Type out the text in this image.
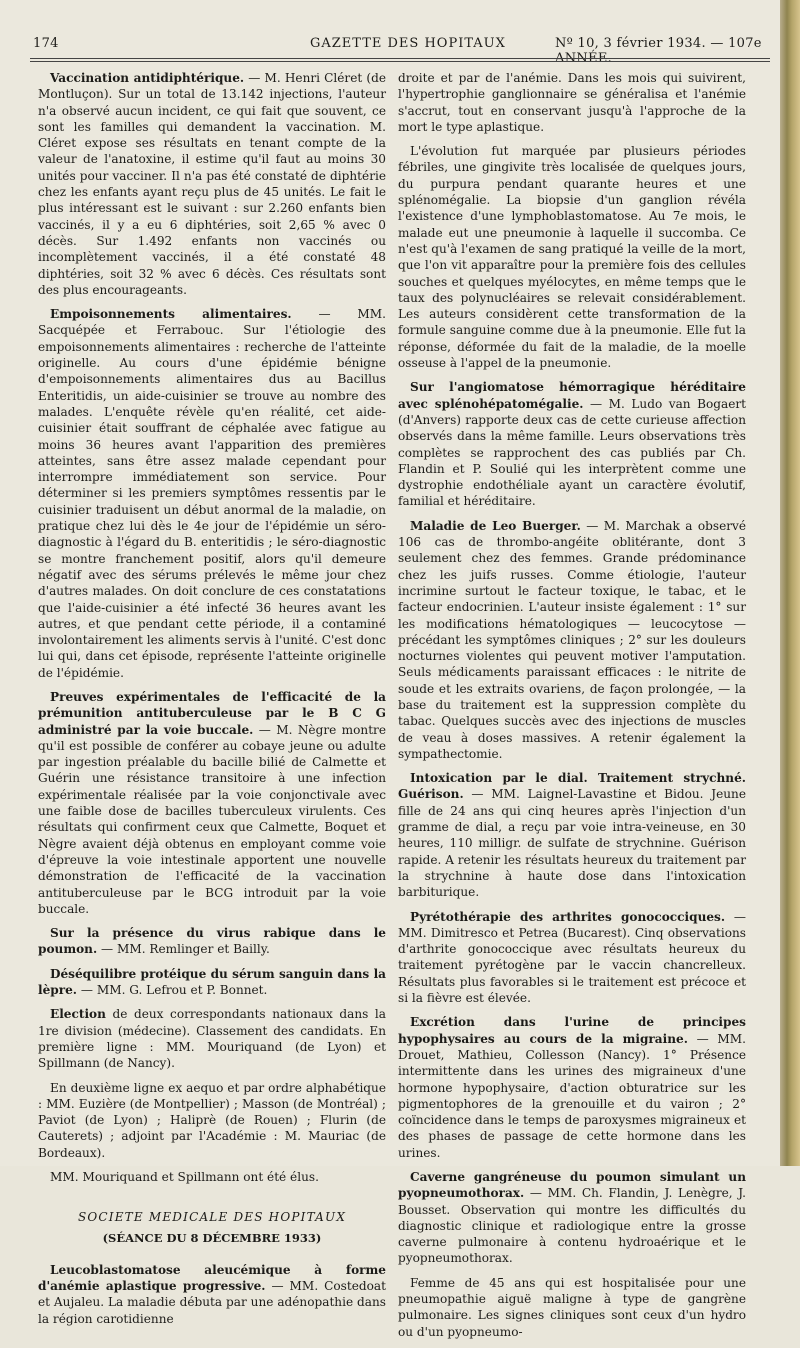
174	GAZETTE DES HOPITAUX	Nº 10, 3 février 1934. — 107e ANNÉE.

Vaccination antidiphtérique. — M. Henri Cléret (de Montluçon). Sur un total de 13.142 injections, l'auteur n'a observé aucun incident, ce qui fait que souvent, ce sont les familles qui demandent la vaccination. M. Cléret expose ses résultats en tenant compte de la valeur de l'anatoxine, il estime qu'il faut au moins 30 unités pour vacciner. Il n'a pas été constaté de diphtérie chez les enfants ayant reçu plus de 45 unités. Le fait le plus intéressant est le suivant : sur 2.260 enfants bien vaccinés, il y a eu 6 diphtéries, soit 2,65 % avec 0 décès. Sur 1.492 enfants non vaccinés ou incomplètement vaccinés, il a été constaté 48 diphtéries, soit 32 % avec 6 décès. Ces résultats sont des plus encourageants.

Empoisonnements alimentaires. — MM. Sacquépée et Ferrabouc. Sur l'étiologie des empoisonnements alimentaires : recherche de l'atteinte originelle. Au cours d'une épidémie bénigne d'empoisonnements alimentaires dus au Bacillus Enteritidis, un aide-cuisinier se trouve au nombre des malades. L'enquête révèle qu'en réalité, cet aide-cuisinier était souffrant de céphalée avec fatigue au moins 36 heures avant l'apparition des premières atteintes, sans être assez malade cependant pour interrompre immédiatement son service. Pour déterminer si les premiers symptômes ressentis par le cuisinier traduisent un début anormal de la maladie, on pratique chez lui dès le 4e jour de l'épidémie un séro-diagnostic à l'égard du B. enteritidis ; le séro-diagnostic se montre franchement positif, alors qu'il demeure négatif avec des sérums prélevés le même jour chez d'autres malades. On doit conclure de ces constatations que l'aide-cuisinier a été infecté 36 heures avant les autres, et que pendant cette période, il a contaminé involontairement les aliments servis à l'unité. C'est donc lui qui, dans cet épisode, représente l'atteinte originelle de l'épidémie.

Preuves expérimentales de l'efficacité de la prémunition antituberculeuse par le B C G administré par la voie buccale. — M. Nègre montre qu'il est possible de conférer au cobaye jeune ou adulte par ingestion préalable du bacille bilié de Calmette et Guérin une résistance transitoire à une infection expérimentale réalisée par la voie conjonctivale avec une faible dose de bacilles tuberculeux virulents. Ces résultats qui confirment ceux que Calmette, Boquet et Nègre avaient déjà obtenus en employant comme voie d'épreuve la voie intestinale apportent une nouvelle démonstration de l'efficacité de la vaccination antituberculeuse par le BCG introduit par la voie buccale.

Sur la présence du virus rabique dans le poumon. — MM. Remlinger et Bailly.

Déséquilibre protéique du sérum sanguin dans la lèpre. — MM. G. Lefrou et P. Bonnet.

Election de deux correspondants nationaux dans la 1re division (médecine). Classement des candidats. En première ligne : MM. Mouriquand (de Lyon) et Spillmann (de Nancy).

En deuxième ligne ex aequo et par ordre alphabétique : MM. Euzière (de Montpellier) ; Masson (de Montréal) ; Paviot (de Lyon) ; Haliprè (de Rouen) ; Flurin (de Cauterets) ; adjoint par l'Académie : M. Mauriac (de Bordeaux).

MM. Mouriquand et Spillmann ont été élus.

SOCIETE MEDICALE DES HOPITAUX
(SÉANCE DU 8 DÉCEMBRE 1933)

Leucoblastomatose aleucémique à forme d'anémie aplastique progressive. — MM. Costedoat et Aujaleu. La maladie débuta par une adénopathie dans la région carotidienne

droite et par de l'anémie. Dans les mois qui suivirent, l'hypertrophie ganglionnaire se généralisa et l'anémie s'accrut, tout en conservant jusqu'à l'approche de la mort le type aplastique.

L'évolution fut marquée par plusieurs périodes fébriles, une gingivite très localisée de quelques jours, du purpura pendant quarante heures et une splénomégalie. La biopsie d'un ganglion révéla l'existence d'une lymphoblastomatose. Au 7e mois, le malade eut une pneumonie à laquelle il succomba. Ce n'est qu'à l'examen de sang pratiqué la veille de la mort, que l'on vit apparaître pour la première fois des cellules souches et quelques myélocytes, en même temps que le taux des polynucléaires se relevait considérablement. Les auteurs considèrent cette transformation de la formule sanguine comme due à la pneumonie. Elle fut la réponse, déformée du fait de la maladie, de la moelle osseuse à l'appel de la pneumonie.

Sur l'angiomatose hémorragique héréditaire avec splénohépatomégalie. — M. Ludo van Bogaert (d'Anvers) rapporte deux cas de cette curieuse affection observés dans la même famille. Leurs observations très complètes se rapprochent des cas publiés par Ch. Flandin et P. Soulié qui les interprètent comme une dystrophie endothéliale ayant un caractère évolutif, familial et héréditaire.

Maladie de Leo Buerger. — M. Marchak a observé 106 cas de thrombo-angéite oblitérante, dont 3 seulement chez des femmes. Grande prédominance chez les juifs russes. Comme étiologie, l'auteur incrimine surtout le facteur toxique, le tabac, et le facteur endocrinien. L'auteur insiste également : 1° sur les modifications hématologiques — leucocytose — précédant les symptômes cliniques ; 2° sur les douleurs nocturnes violentes qui peuvent motiver l'amputation. Seuls médicaments paraissant efficaces : le nitrite de soude et les extraits ovariens, de façon prolongée, — la base du traitement est la suppression complète du tabac. Quelques succès avec des injections de muscles de veau à doses massives. A retenir également la sympathectomie.

Intoxication par le dial. Traitement strychné. Guérison. — MM. Laignel-Lavastine et Bidou. Jeune fille de 24 ans qui cinq heures après l'injection d'un gramme de dial, a reçu par voie intra-veineuse, en 30 heures, 110 milligr. de sulfate de strychnine. Guérison rapide. A retenir les résultats heureux du traitement par la strychnine à haute dose dans l'intoxication barbiturique.

Pyrétothérapie des arthrites gonococciques. — MM. Dimitresco et Petrea (Bucarest). Cinq observations d'arthrite gonococcique avec résultats heureux du traitement pyrétogène par le vaccin chancrelleux. Résultats plus favorables si le traitement est précoce et si la fièvre est élevée.

Excrétion dans l'urine de principes hypophysaires au cours de la migraine. — MM. Drouet, Mathieu, Collesson (Nancy). 1° Présence intermittente dans les urines des migraineux d'une hormone hypophysaire, d'action obturatrice sur les pigmentophores de la grenouille et du vairon ; 2° coïncidence dans le temps de paroxysmes migraineux et des phases de passage de cette hormone dans les urines.

Caverne gangréneuse du poumon simulant un pyopneumothorax. — MM. Ch. Flandin, J. Lenègre, J. Bousset. Observation qui montre les difficultés du diagnostic clinique et radiologique entre la grosse caverne pulmonaire à contenu hydroaérique et le pyopneumothorax.

Femme de 45 ans qui est hospitalisée pour une pneumopathie aiguë maligne à type de gangrène pulmonaire. Les signes cliniques sont ceux d'un hydro ou d'un pyopneumo-
